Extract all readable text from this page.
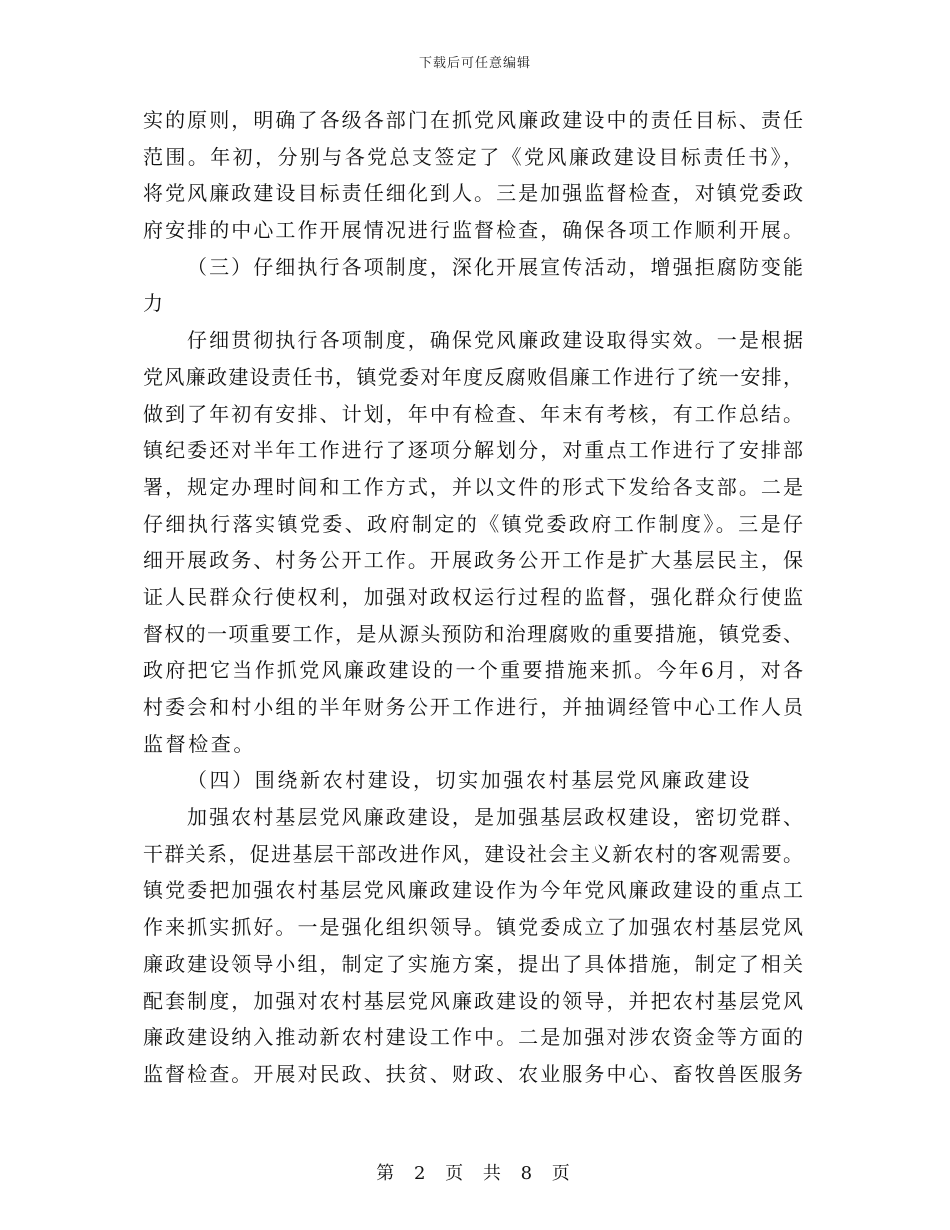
下载后可任意编辑
实的原则，明确了各级各部门在抓党风廉政建设中的责任目标、责任
范围。年初，分别与各党总支签定了《党风廉政建设目标责任书》，
将党风廉政建设目标责任细化到人。三是加强监督检查，对镇党委政
府安排的中心工作开展情况进行监督检查，确保各项工作顺利开展。
（三）仔细执行各项制度，深化开展宣传活动，增强拒腐防变能
力
仔细贯彻执行各项制度，确保党风廉政建设取得实效。一是根据
党风廉政建设责任书，镇党委对年度反腐败倡廉工作进行了统一安排，
做到了年初有安排、计划，年中有检查、年末有考核，有工作总结。
镇纪委还对半年工作进行了逐项分解划分，对重点工作进行了安排部
署，规定办理时间和工作方式，并以文件的形式下发给各支部。二是
仔细执行落实镇党委、政府制定的《镇党委政府工作制度》。三是仔
细开展政务、村务公开工作。开展政务公开工作是扩大基层民主，保
证人民群众行使权利，加强对政权运行过程的监督，强化群众行使监
督权的一项重要工作，是从源头预防和治理腐败的重要措施，镇党委、
政府把它当作抓党风廉政建设的一个重要措施来抓。今年6月，对各
村委会和村小组的半年财务公开工作进行，并抽调经管中心工作人员
监督检查。
（四）围绕新农村建设，切实加强农村基层党风廉政建设
加强农村基层党风廉政建设，是加强基层政权建设，密切党群、
干群关系，促进基层干部改进作风，建设社会主义新农村的客观需要。
镇党委把加强农村基层党风廉政建设作为今年党风廉政建设的重点工
作来抓实抓好。一是强化组织领导。镇党委成立了加强农村基层党风
廉政建设领导小组，制定了实施方案，提出了具体措施，制定了相关
配套制度，加强对农村基层党风廉政建设的领导，并把农村基层党风
廉政建设纳入推动新农村建设工作中。二是加强对涉农资金等方面的
监督检查。开展对民政、扶贫、财政、农业服务中心、畜牧兽医服务
第 2 页 共 8 页
